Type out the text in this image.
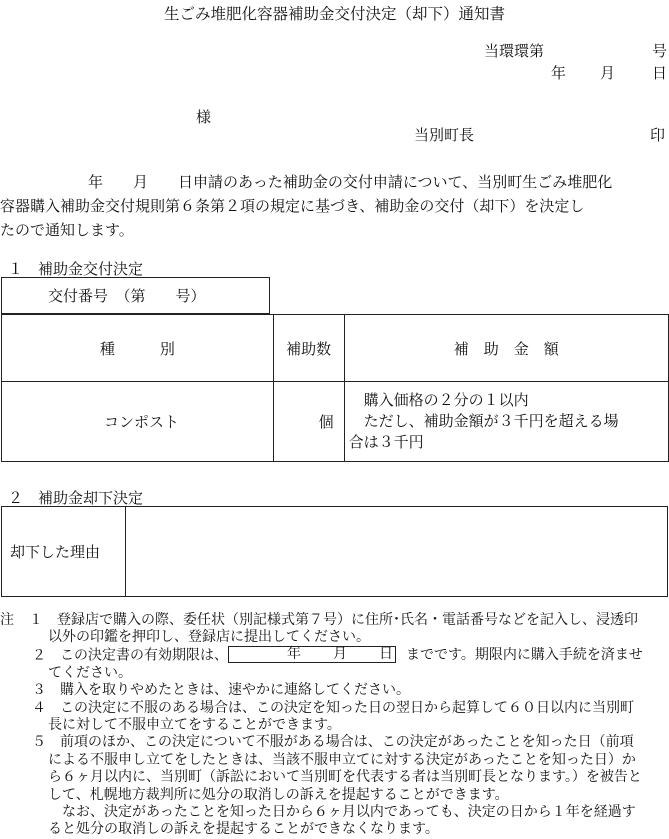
生ごみ堆肥化容器補助金交付決定（却下）通知書
当環環第	号
年 月 日
様
当別町長	印

年　　月　　日申請のあった補助金の交付申請について、当別町生ごみ堆肥化

容器購入補助金交付規則第６条第２項の規定に基づき、補助金の交付（却下）を決定し

たので通知します。

１　補助金交付決定
交付番号　（第　　号）
種　　　別	補助数	補　助　金　額
コンポスト	個	　購入価格の２分の１以内
　ただし、補助金額が３千円を超える場
合は３千円
２　補助金却下決定
却下した理由	
注 １　登録店で購入の際、委任状（別記様式第７号）に住所･氏名・電話番号などを記入し、浸透印
以外の印鑑を押印し、登録店に提出してください。
２　この決定書の有効期限は、	年 月 日 までです。期限内に購入手続を済ませ
てください。
３　購入を取りやめたときは、速やかに連絡してください。
４　この決定に不服のある場合は、この決定を知った日の翌日から起算して６０日以内に当別町
長に対して不服申立てをすることができます。
５　前項のほか、この決定について不服がある場合は、この決定があったことを知った日（前項
による不服申し立てをしたときは、当該不服申立てに対する決定があったことを知った日）か
ら６ヶ月以内に、当別町（訴訟において当別町を代表する者は当別町長となります。）を被告と
して、札幌地方裁判所に処分の取消しの訴えを提起することができます。
　なお、決定があったことを知った日から６ヶ月以内であっても、決定の日から１年を経過す
ると処分の取消しの訴えを提起することができなくなります。
